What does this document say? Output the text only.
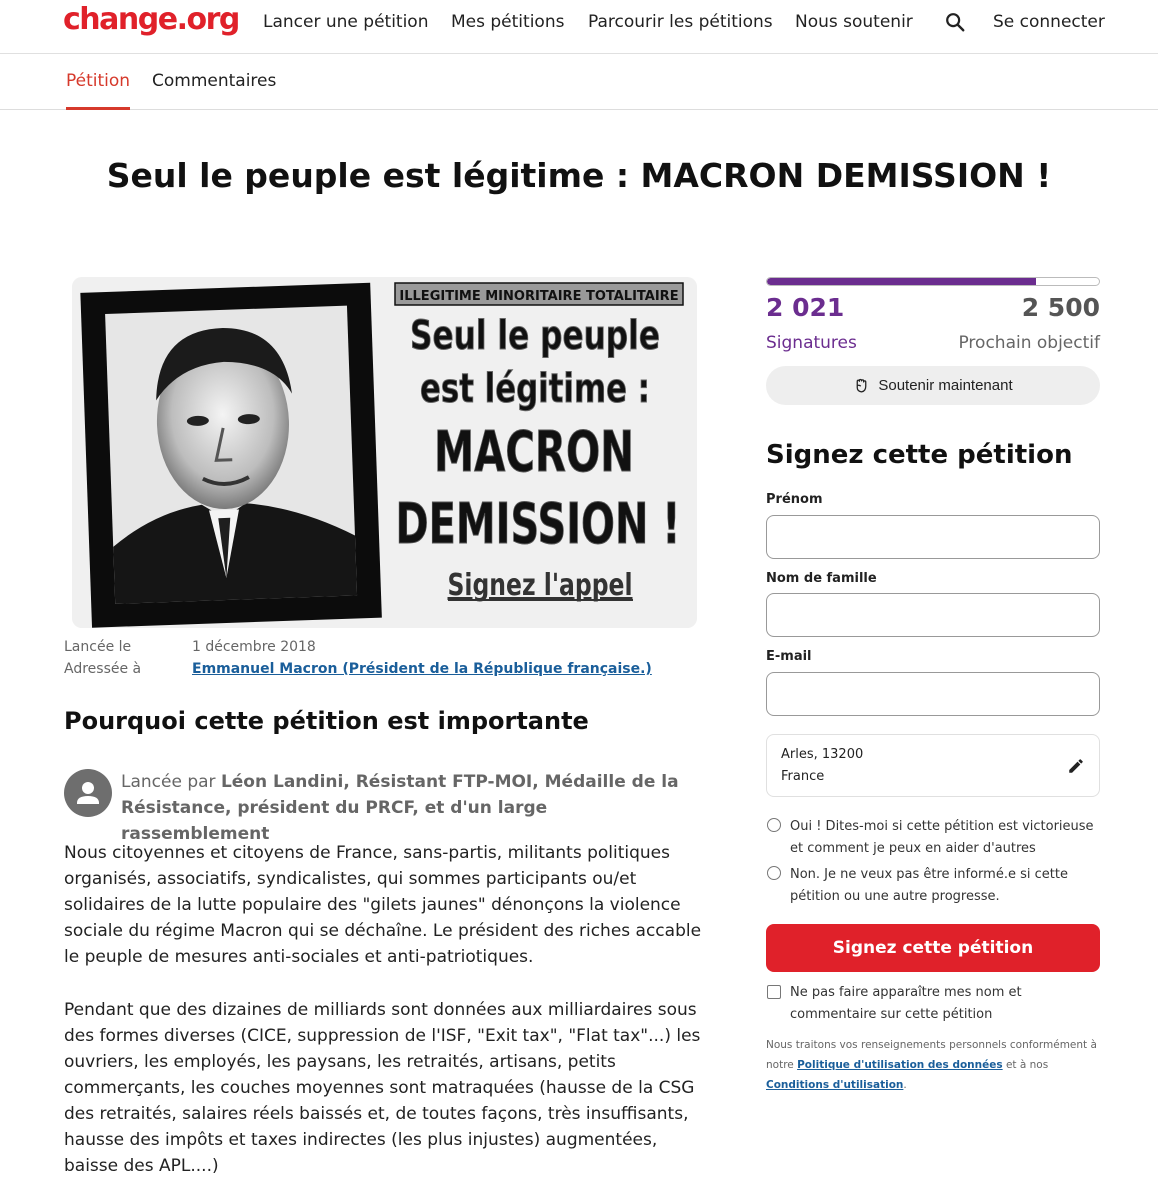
change.org Lancer une pétition Mes pétitions Parcourir les pétitions Nous soutenir	Se connecter
Pétition Commentaires
Seul le peuple est légitime : MACRON DEMISSION !
ILLEGITIME MINORITAIRE TOTALITAIRE
Seul le peuple
est légitime :
MACRON
DEMISSION !
Signez l'appel
Lancée le	1 décembre 2018
Adressée à	Emmanuel Macron (Président de la République française.)
Pourquoi cette pétition est importante
Lancée par Léon Landini, Résistant FTP-MOI, Médaille de la Résistance, président du PRCF, et d'un large rassemblement

Nous citoyennes et citoyens de France, sans-partis, militants politiques organisés, associatifs, syndicalistes, qui sommes participants ou/et solidaires de la lutte populaire des "gilets jaunes" dénonçons la violence sociale du régime Macron qui se déchaîne. Le président des riches accable le peuple de mesures anti-sociales et anti-patriotiques.

Pendant que des dizaines de milliards sont données aux milliardaires sous des formes diverses (CICE, suppression de l'ISF, "Exit tax", "Flat tax"...) les ouvriers, les employés, les paysans, les retraités, artisans, petits commerçants, les couches moyennes sont matraquées (hausse de la CSG des retraités, salaires réels baissés et, de toutes façons, très insuffisants, hausse des impôts et taxes indirectes (les plus injustes) augmentées, baisse des APL....)

2 021	2 500
Signatures	Prochain objectif
Soutenir maintenant
Signez cette pétition
Prénom
Nom de famille
E-mail
Arles, 13200
France
Oui ! Dites-moi si cette pétition est victorieuse et comment je peux en aider d'autres
Non. Je ne veux pas être informé.e si cette pétition ou une autre progresse.
Signez cette pétition
Ne pas faire apparaître mes nom et commentaire sur cette pétition

Nous traitons vos renseignements personnels conformément à notre Politique d'utilisation des données et à nos Conditions d'utilisation.
